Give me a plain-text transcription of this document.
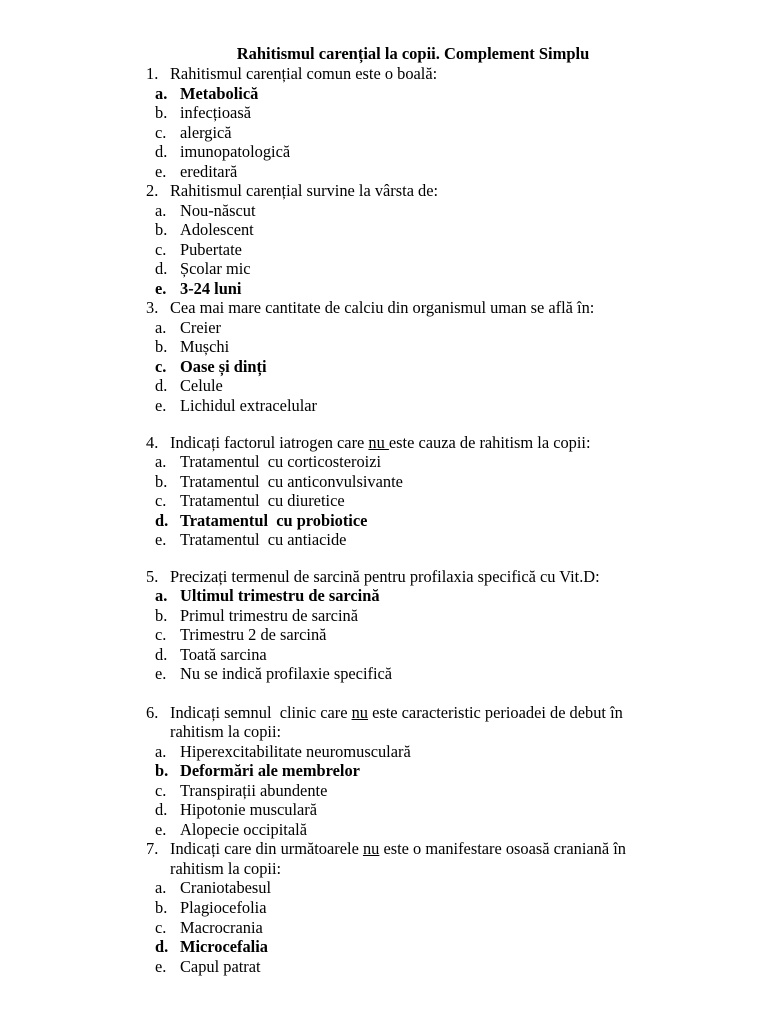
Rahitismul carențial la copii. Complement Simplu
1. Rahitismul carențial comun este o boală:
a. Metabolică
b. infecțioasă
c. alergică
d. imunopatologică
e. ereditară
2. Rahitismul carențial survine la vârsta de:
a. Nou-născut
b. Adolescent
c. Pubertate
d. Școlar mic
e. 3-24 luni
3. Cea mai mare cantitate de calciu din organismul uman se află în:
a. Creier
b. Mușchi
c. Oase și dinți
d. Celule
e. Lichidul extracelular
4. Indicați factorul iatrogen care nu este cauza de rahitism la copii:
a. Tratamentul  cu corticosteroizi
b. Tratamentul  cu anticonvulsivante
c. Tratamentul  cu diuretice
d. Tratamentul  cu probiotice
e. Tratamentul  cu antiacide
5. Precizați termenul de sarcină pentru profilaxia specifică cu Vit.D:
a. Ultimul trimestru de sarcină
b. Primul trimestru de sarcină
c. Trimestru 2 de sarcină
d. Toată sarcina
e. Nu se indică profilaxie specifică
6. Indicați semnul  clinic care nu este caracteristic perioadei de debut în
rahitism la copii:
a. Hiperexcitabilitate neuromusculară
b. Deformări ale membrelor
c. Transpirații abundente
d. Hipotonie musculară
e. Alopecie occipitală
7. Indicați care din următoarele nu este o manifestare osoasă craniană în
rahitism la copii:
a. Craniotabesul
b. Plagiocefolia
c. Macrocrania
d. Microcefalia
e. Capul patrat
